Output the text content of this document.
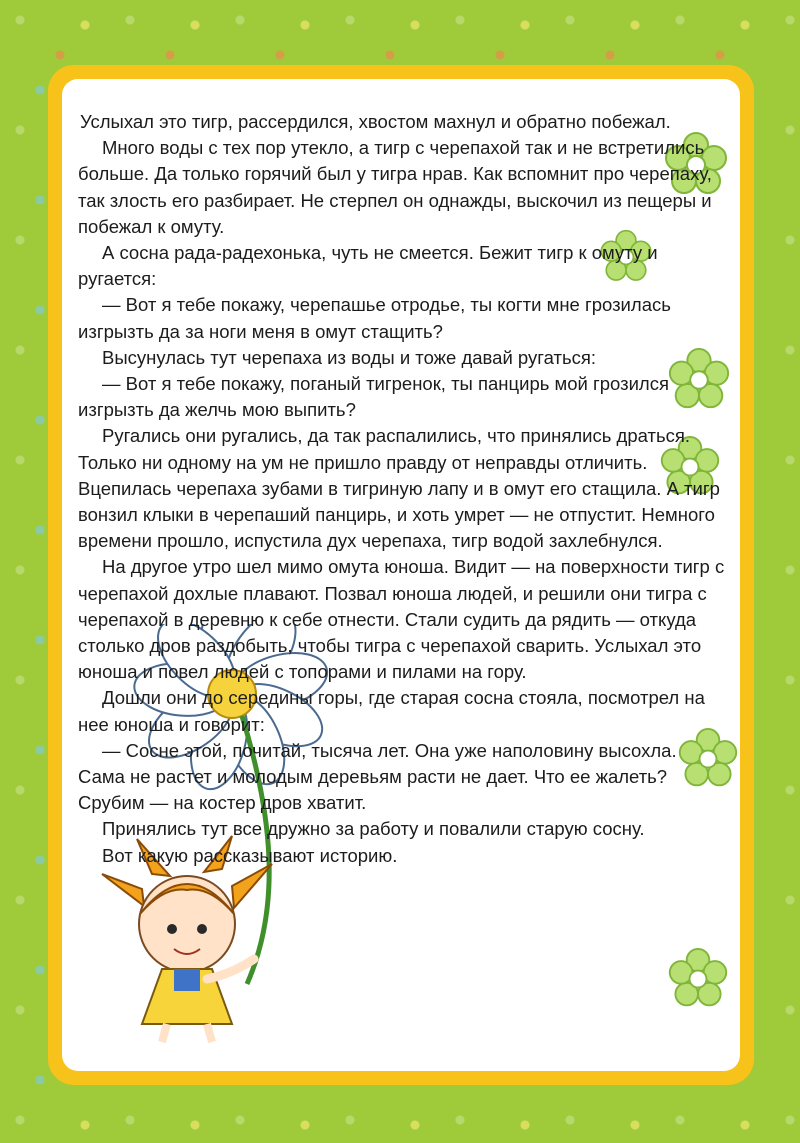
Услыхал это тигр, рассердился, хвостом махнул и обратно побежал.

Много воды с тех пор утекло, а тигр с черепахой так и не встретились больше. Да только горячий был у тигра нрав. Как вспомнит про черепаху, так злость его разбирает. Не стерпел он однажды, выскочил из пещеры и побежал к омуту.

А сосна рада-радехонька, чуть не смеется. Бежит тигр к омуту и ругается:

— Вот я тебе покажу, черепашье отродье, ты когти мне грозилась изгрызть да за ноги меня в омут стащить?

Высунулась тут черепаха из воды и тоже давай ругаться:

— Вот я тебе покажу, поганый тигренок, ты панцирь мой грозился изгрызть да желчь мою выпить?

Ругались они ругались, да так распалились, что принялись драться. Только ни одному на ум не пришло правду от неправды отличить. Вцепилась черепаха зубами в тигриную лапу и в омут его стащила. А тигр вонзил клыки в черепаший панцирь, и хоть умрет — не отпустит. Немного времени прошло, испустила дух черепаха, тигр водой захлебнулся.

На другое утро шел мимо омута юноша. Видит — на поверхности тигр с черепахой дохлые плавают. Позвал юноша людей, и решили они тигра с черепахой в деревню к себе отнести. Стали судить да рядить — откуда столько дров раздобыть, чтобы тигра с черепахой сварить. Услыхал это юноша и повел людей с топорами и пилами на гору.

Дошли они до середины горы, где старая сосна стояла, посмотрел на нее юноша и говорит:

— Сосне этой, почитай, тысяча лет. Она уже наполовину высохла. Сама не растет и молодым деревьям расти не дает. Что ее жалеть? Срубим — на костер дров хватит.

Принялись тут все дружно за работу и повалили старую сосну.

Вот какую рассказывают историю.
